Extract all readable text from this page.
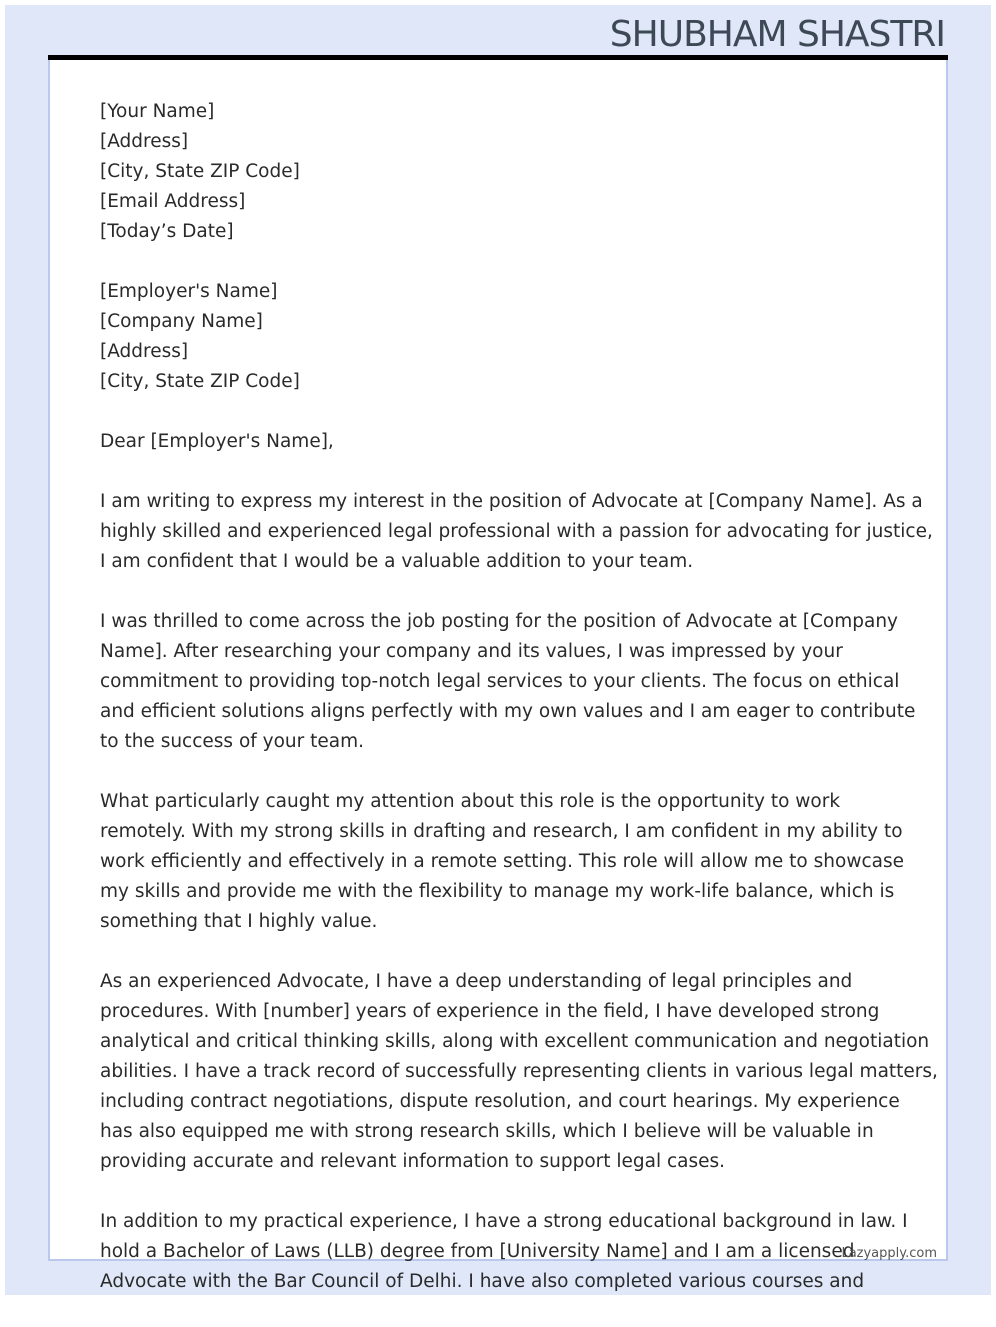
SHUBHAM SHASTRI
[Your Name]
[Address]
[City, State ZIP Code]
[Email Address]
[Today’s Date]
[Employer's Name]
[Company Name]
[Address]
[City, State ZIP Code]
Dear [Employer's Name],
I am writing to express my interest in the position of Advocate at [Company Name]. As a
highly skilled and experienced legal professional with a passion for advocating for justice,
I am confident that I would be a valuable addition to your team.
I was thrilled to come across the job posting for the position of Advocate at [Company
Name]. After researching your company and its values, I was impressed by your
commitment to providing top-notch legal services to your clients. The focus on ethical
and efficient solutions aligns perfectly with my own values and I am eager to contribute
to the success of your team.
What particularly caught my attention about this role is the opportunity to work
remotely. With my strong skills in drafting and research, I am confident in my ability to
work efficiently and effectively in a remote setting. This role will allow me to showcase
my skills and provide me with the flexibility to manage my work-life balance, which is
something that I highly value.
As an experienced Advocate, I have a deep understanding of legal principles and
procedures. With [number] years of experience in the field, I have developed strong
analytical and critical thinking skills, along with excellent communication and negotiation
abilities. I have a track record of successfully representing clients in various legal matters,
including contract negotiations, dispute resolution, and court hearings. My experience
has also equipped me with strong research skills, which I believe will be valuable in
providing accurate and relevant information to support legal cases.
In addition to my practical experience, I have a strong educational background in law. I
hold a Bachelor of Laws (LLB) degree from [University Name] and I am a licensed
Advocate with the Bar Council of Delhi. I have also completed various courses and
Lazyapply.com
